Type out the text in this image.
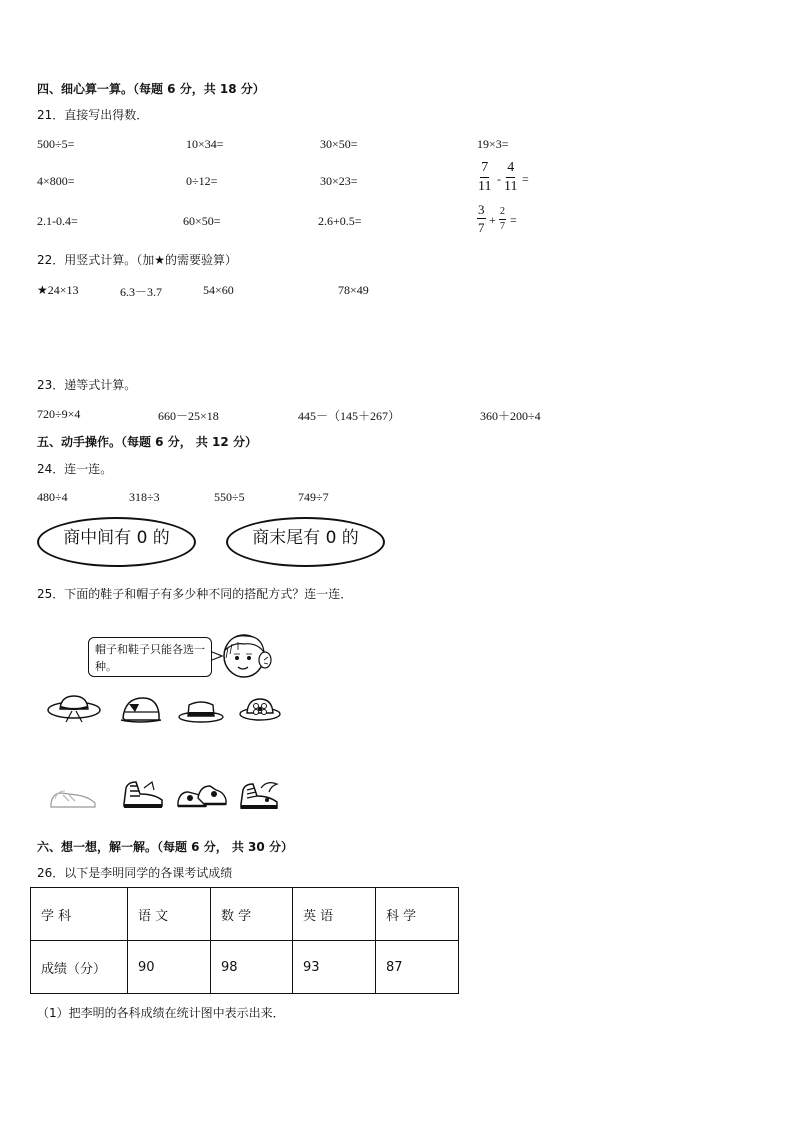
四、细心算一算。（每题 6 分，共 18 分）
21．直接写出得数．
500÷5=	10×34=	30×50=	19×3=
4×800=	0÷12=	30×23=	$\frac{7}{11} - \frac{4}{11}$ =
2.1-0.4=	60×50=	2.6+0.5=	$\frac{3}{7} + \frac{2}{7}$ =
22．用竖式计算。（加★的需要验算）
★24×13	6.3－3.7	54×60	78×49
23．递等式计算。
720÷9×4	660－25×18	445－（145＋267）	360＋200÷4
五、动手操作。（每题 6 分， 共 12 分）
24．连一连。
480÷4	318÷3	550÷5	749÷7
商中间有 0 的	商末尾有 0 的
25．下面的鞋子和帽子有多少种不同的搭配方式？连一连．
帽子和鞋子只能各选一种。
六、想一想，解一解。（每题 6 分， 共 30 分）
26．以下是李明同学的各课考试成绩
学 科	语 文	数 学	英 语	科 学
成绩（分）	90	98	93	87
（1）把李明的各科成绩在统计图中表示出来．
